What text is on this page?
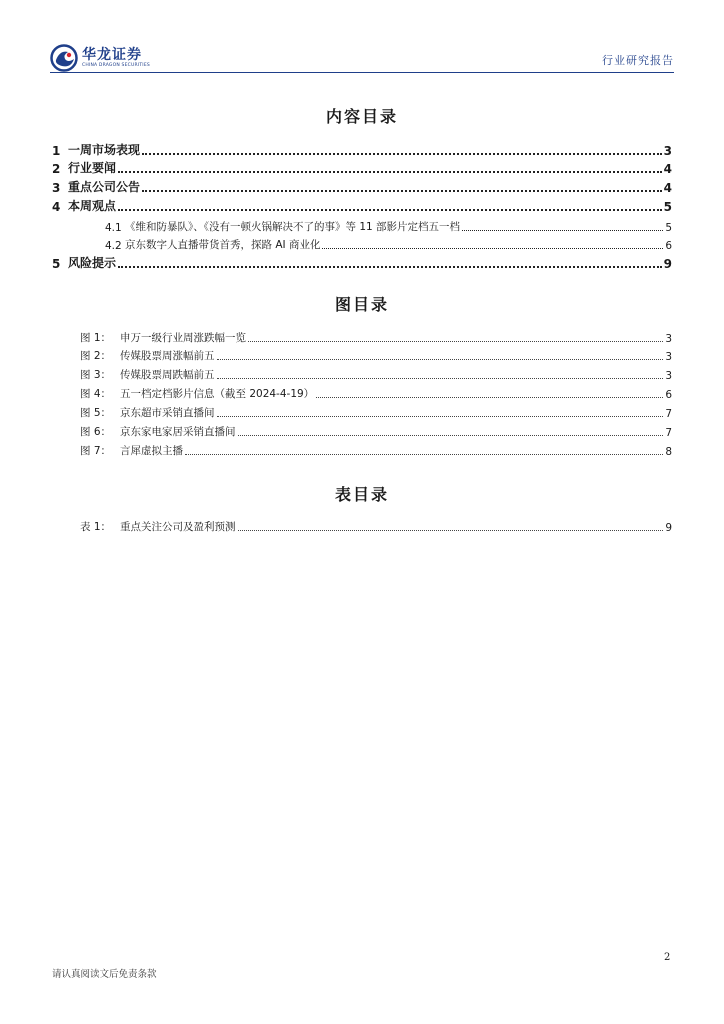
华龙证券
CHINA DRAGON SECURITIES	行业研究报告
内容目录
1 一周市场表现	3
2 行业要闻	4
3 重点公司公告	4
4 本周观点	5
4.1 《维和防暴队》、《没有一顿火锅解决不了的事》等 11 部影片定档五一档	5
4.2 京东数字人直播带货首秀，探路 AI 商业化	6
5 风险提示	9
图目录
图 1： 申万一级行业周涨跌幅一览	3
图 2： 传媒股票周涨幅前五	3
图 3： 传媒股票周跌幅前五	3
图 4： 五一档定档影片信息（截至 2024-4-19）	6
图 5： 京东超市采销直播间	7
图 6： 京东家电家居采销直播间	7
图 7： 言犀虚拟主播	8
表目录
表 1： 重点关注公司及盈利预测	9
2
请认真阅读文后免责条款
